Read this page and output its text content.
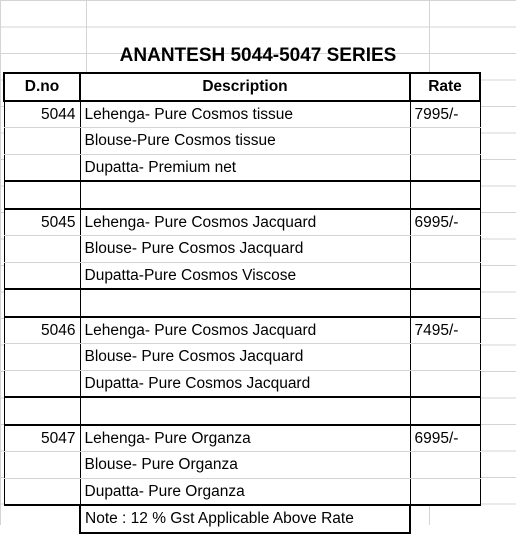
ANANTESH 5044-5047 SERIES
D.no	Description	Rate
5044	Lehenga- Pure Cosmos tissue	7995/-
	Blouse-Pure Cosmos tissue	
	Dupatta- Premium net	

5045	Lehenga- Pure Cosmos Jacquard	6995/-
	Blouse- Pure Cosmos Jacquard	
	Dupatta-Pure Cosmos Viscose	

5046	Lehenga- Pure Cosmos Jacquard	7495/-
	Blouse- Pure Cosmos Jacquard	
	Dupatta- Pure Cosmos Jacquard	

5047	Lehenga- Pure Organza	6995/-
	Blouse- Pure Organza	
	Dupatta- Pure Organza	
	Note : 12 % Gst Applicable Above Rate	
